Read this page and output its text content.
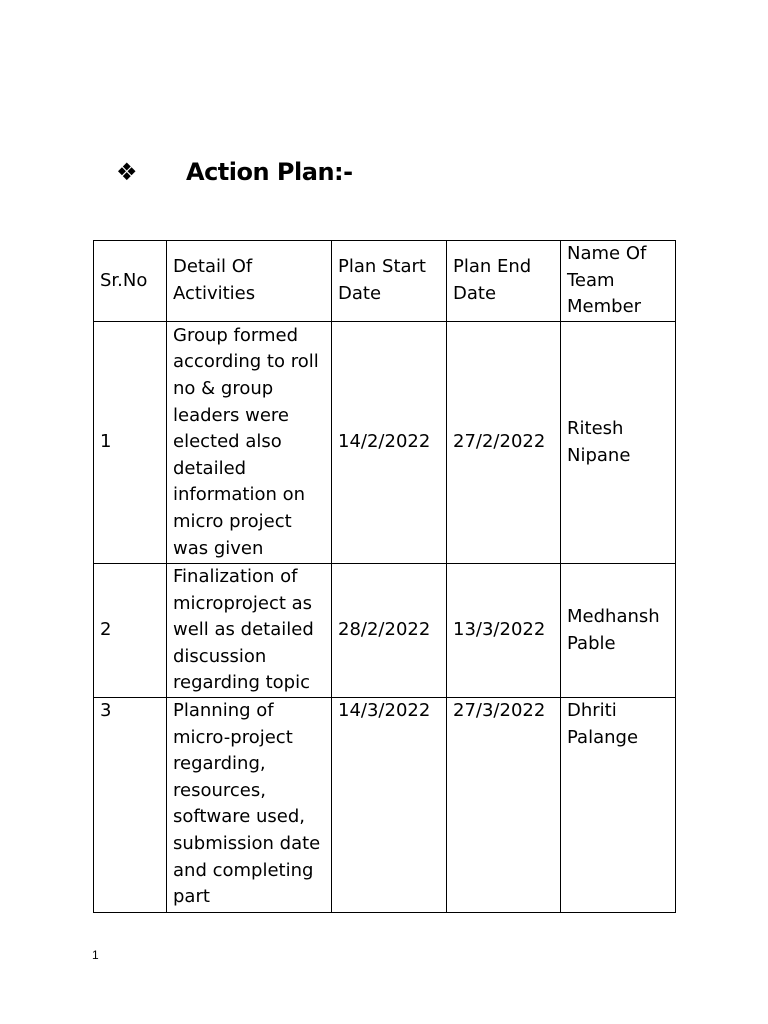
❖	Action Plan:-
Sr.No	Detail Of Activities	Plan Start Date	Plan End Date	Name Of Team Member
1	Group formed according to roll no & group leaders were elected also detailed information on micro project was given	14/2/2022	27/2/2022	Ritesh Nipane
2	Finalization of microproject as well as detailed discussion regarding topic	28/2/2022	13/3/2022	Medhansh Pable
3	Planning of micro-project regarding, resources, software used, submission date and completing part	14/3/2022	27/3/2022	Dhriti Palange
1
